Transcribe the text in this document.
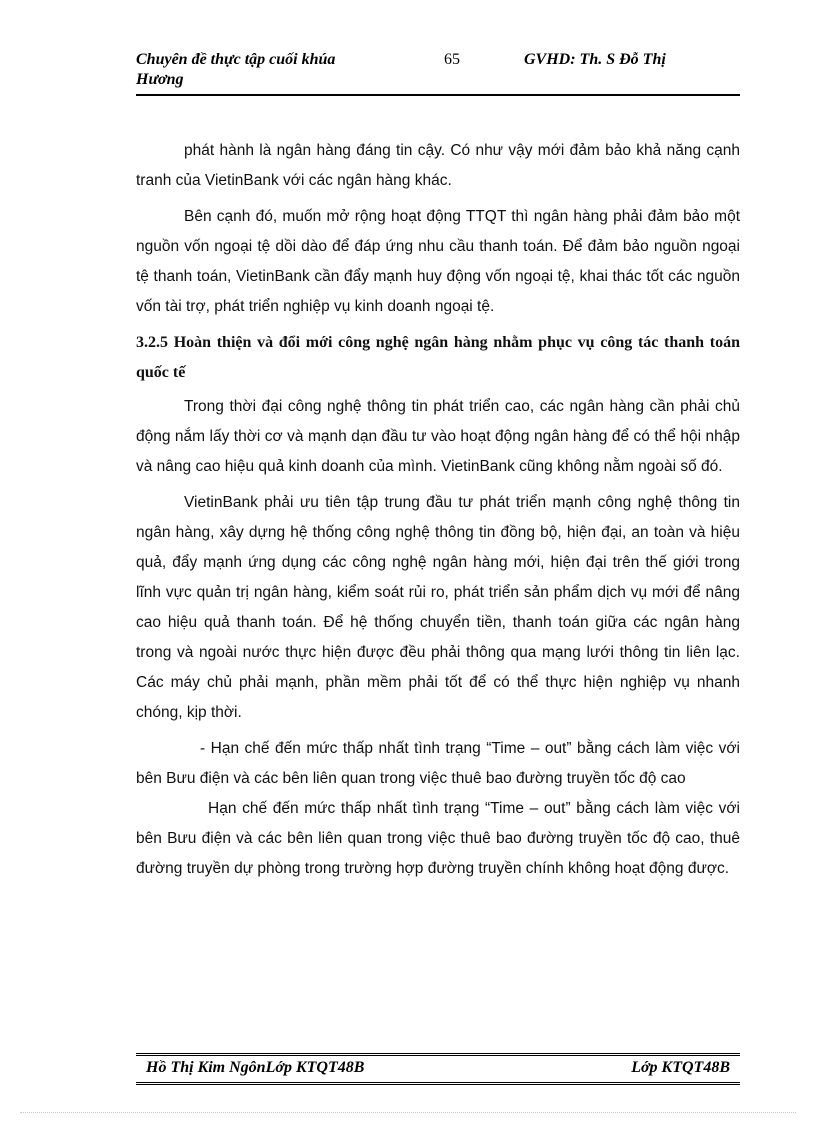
Chuyên đề thực tập cuối khúa Hương
65	GVHD: Th. S Đỗ Thị

phát hành là ngân hàng đáng tin cậy. Có như vậy mới đảm bảo khả năng cạnh tranh của VietinBank với các ngân hàng khác.

Bên cạnh đó, muốn mở rộng hoạt động TTQT thì ngân hàng phải đảm bảo một nguồn vốn ngoại tệ dồi dào để đáp ứng nhu cầu thanh toán. Để đảm bảo nguồn ngoại tệ thanh toán, VietinBank cần đẩy mạnh huy động vốn ngoại tệ, khai thác tốt các nguồn vốn tài trợ, phát triển nghiệp vụ kinh doanh ngoại tệ.

3.2.5 Hoàn thiện và đổi mới công nghệ ngân hàng nhằm phục vụ công tác thanh toán quốc tế

Trong thời đại công nghệ thông tin phát triển cao, các ngân hàng cần phải chủ động nắm lấy thời cơ và mạnh dạn đầu tư vào hoạt động ngân hàng để có thể hội nhập và nâng cao hiệu quả kinh doanh của mình. VietinBank cũng không nằm ngoài số đó.

VietinBank phải ưu tiên tập trung đầu tư phát triển mạnh công nghệ thông tin ngân hàng, xây dựng hệ thống công nghệ thông tin đồng bộ, hiện đại, an toàn và hiệu quả, đẩy mạnh ứng dụng các công nghệ ngân hàng mới, hiện đại trên thế giới trong lĩnh vực quản trị ngân hàng, kiểm soát rủi ro, phát triển sản phẩm dịch vụ mới để nâng cao hiệu quả thanh toán. Để hệ thống chuyển tiền, thanh toán giữa các ngân hàng trong và ngoài nước thực hiện được đều phải thông qua mạng lưới thông tin liên lạc. Các máy chủ phải mạnh, phần mềm phải tốt để có thể thực hiện nghiệp vụ nhanh chóng, kịp thời.

- Hạn chế đến mức thấp nhất tình trạng “Time – out” bằng cách làm việc với bên Bưu điện và các bên liên quan trong việc thuê bao đường truyền tốc độ cao

Hạn chế đến mức thấp nhất tình trạng “Time – out” bằng cách làm việc với bên Bưu điện và các bên liên quan trong việc thuê bao đường truyền tốc độ cao, thuê đường truyền dự phòng trong trường hợp đường truyền chính không hoạt động được.

Hồ Thị Kim NgônLớp KTQT48B	Lớp KTQT48B
